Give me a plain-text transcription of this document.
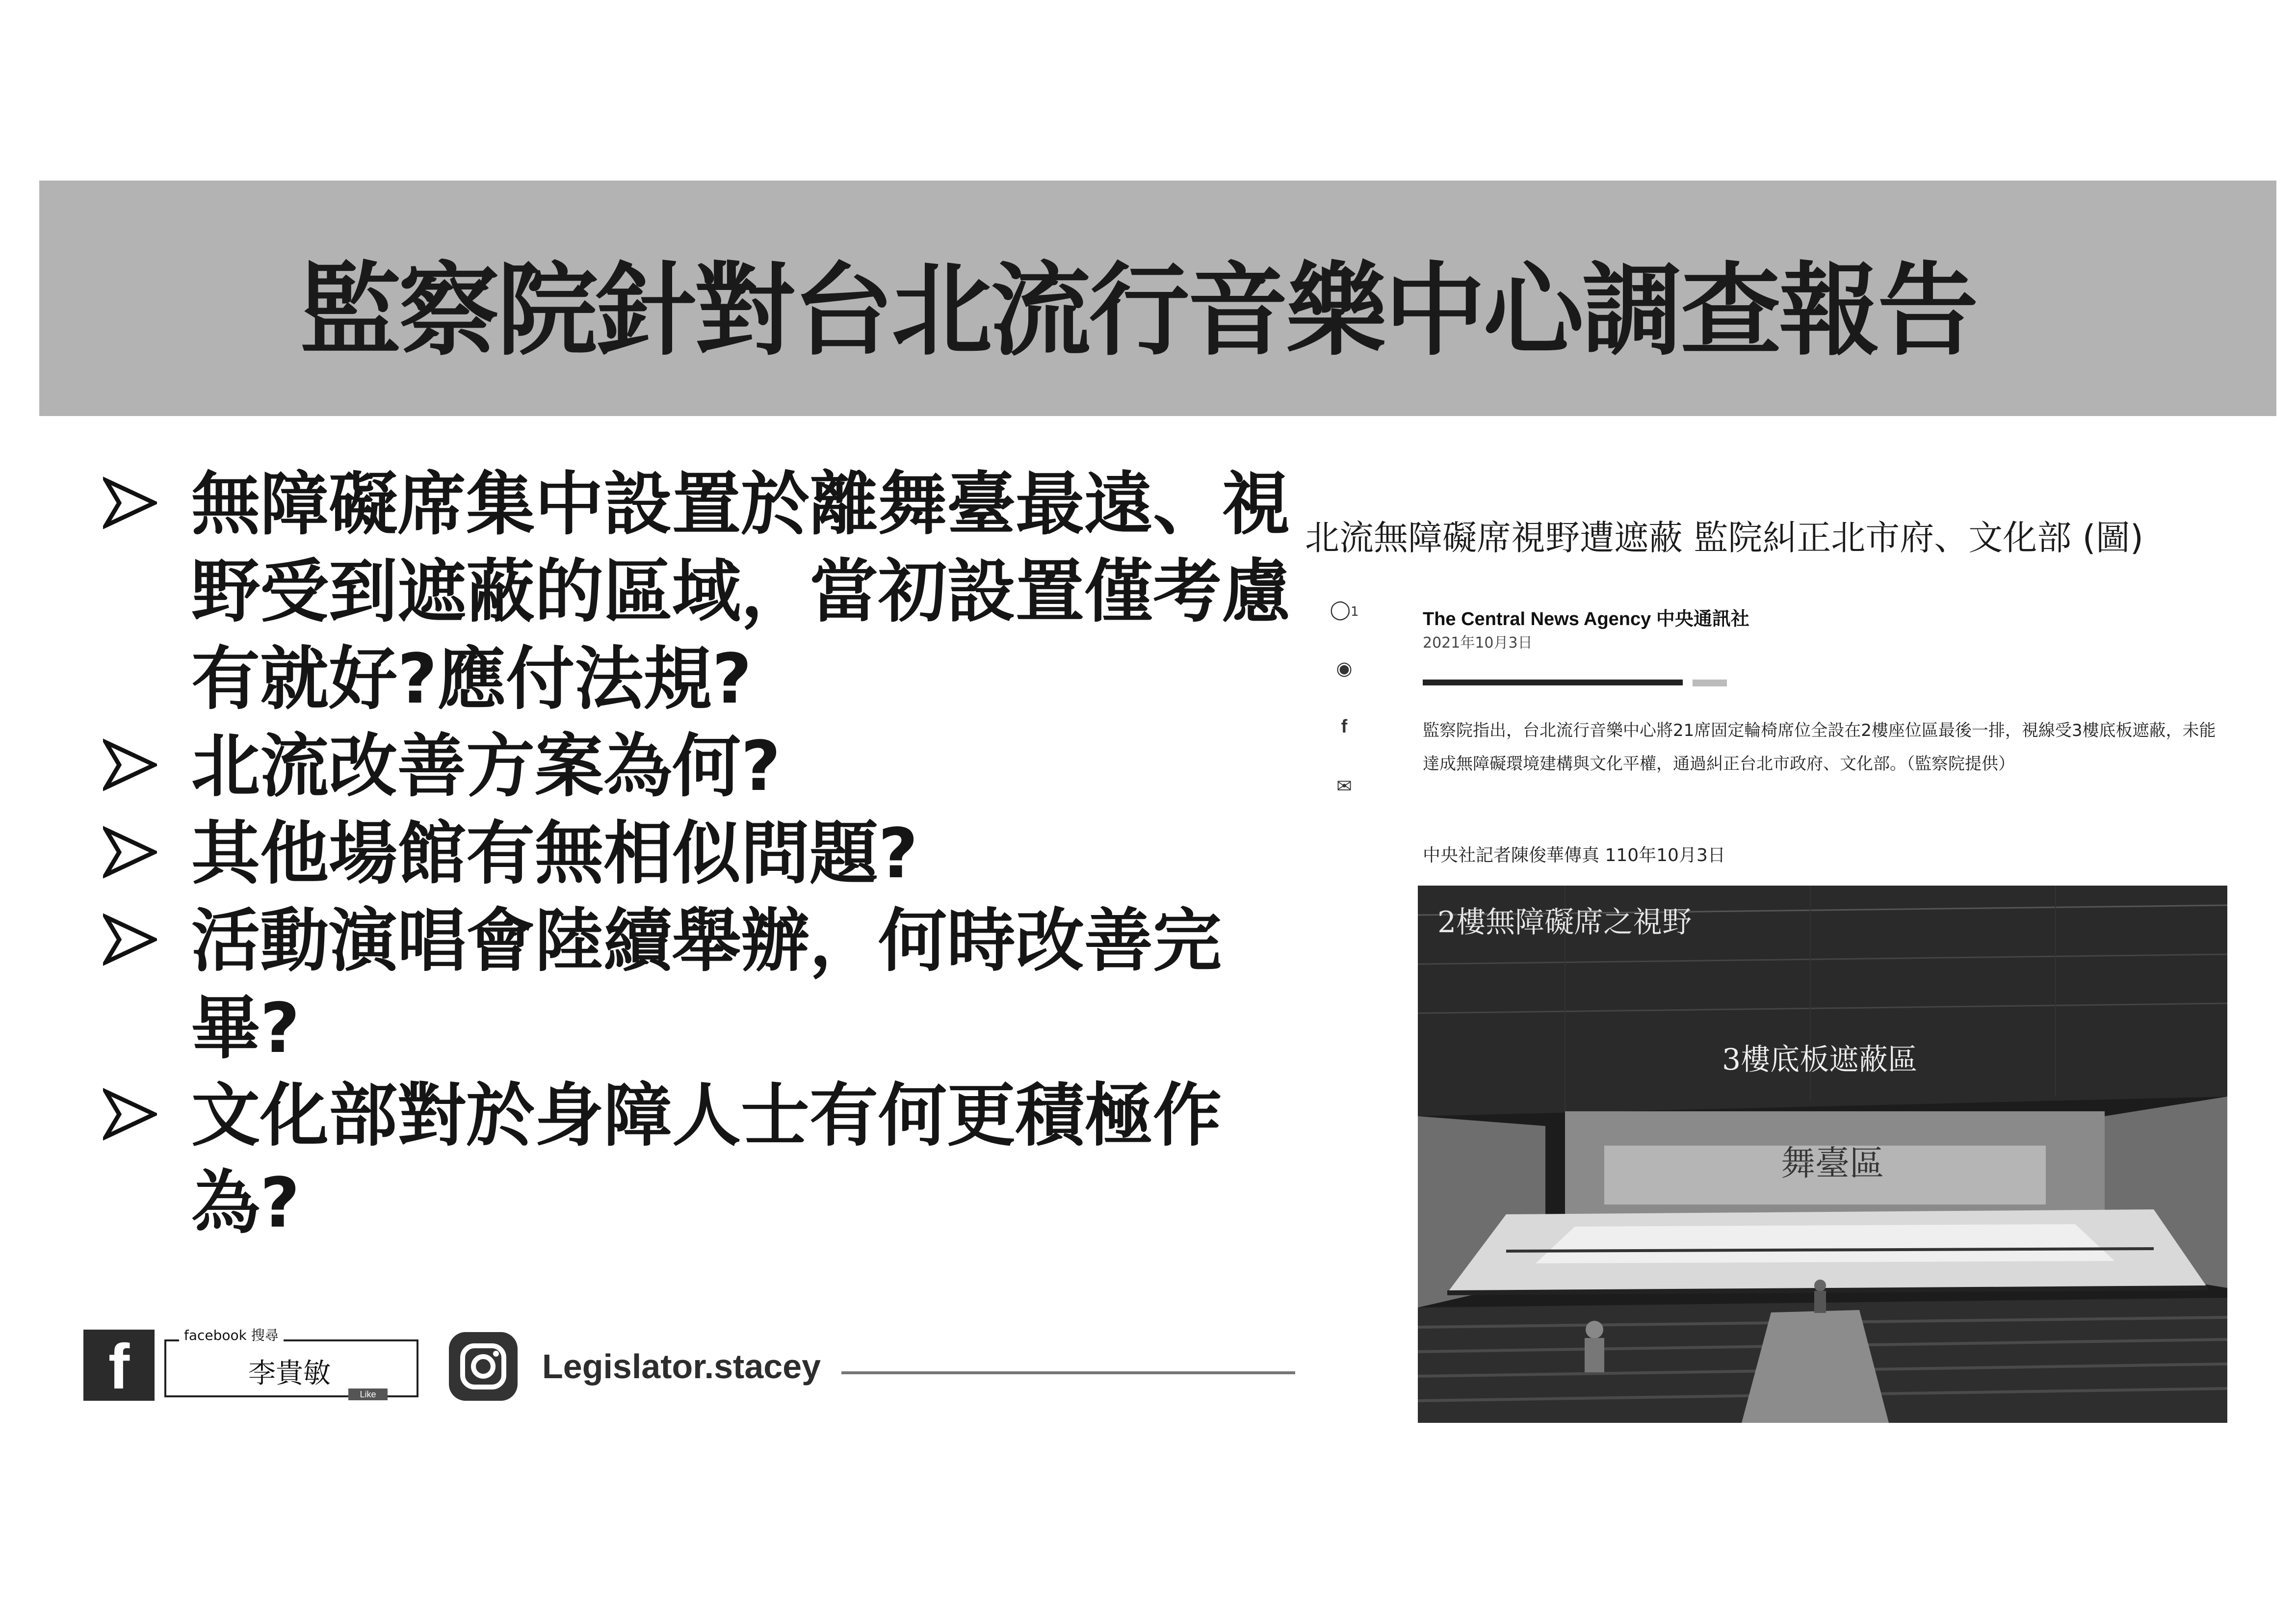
監察院針對台北流行音樂中心調查報告
無障礙席集中設置於離舞臺最遠、視野受到遮蔽的區域，當初設置僅考慮有就好?應付法規?
北流改善方案為何?
其他場館有無相似問題?
活動演唱會陸續舉辦，何時改善完畢?
文化部對於身障人士有何更積極作為?
f	facebook 搜尋
李貴敏
Like
Legislator.stacey
北流無障礙席視野遭遮蔽 監院糾正北市府、文化部 (圖)
◯1
◉
f
✉
The Central News Agency 中央通訊社
2021年10月3日
監察院指出，台北流行音樂中心將21席固定輪椅席位全設在2樓座位區最後一排，視線受3樓底板遮蔽，未能達成無障礙環境建構與文化平權，通過糾正台北市政府、文化部。（監察院提供）
中央社記者陳俊華傳真 110年10月3日
2樓無障礙席之視野
3樓底板遮蔽區
舞臺區
